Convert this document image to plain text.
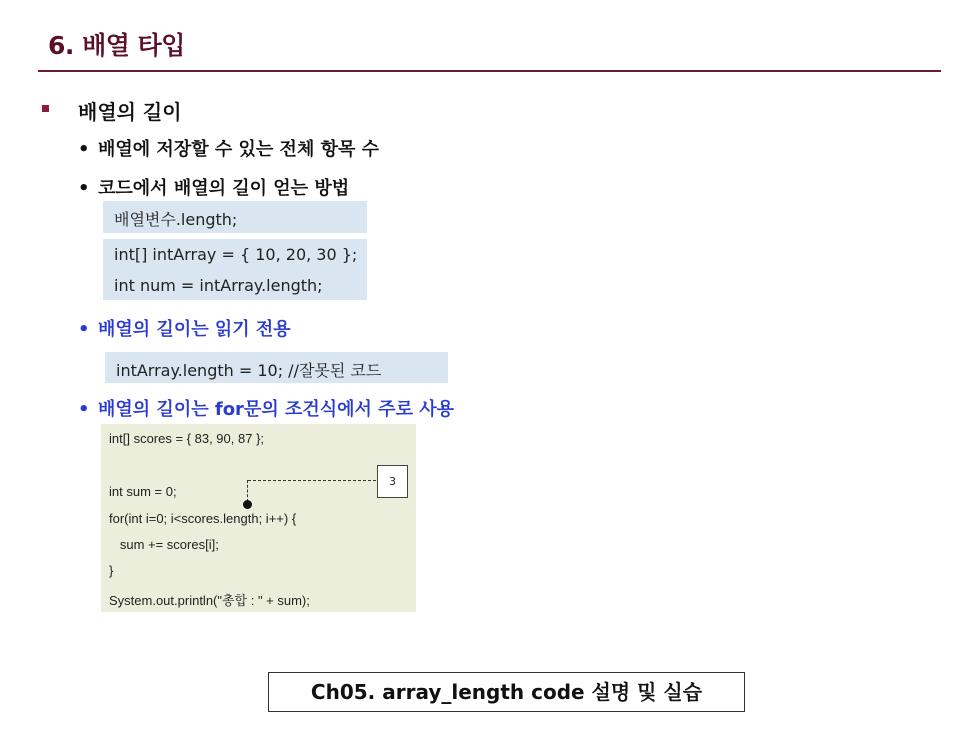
6. 배열 타입
배열의 길이
• 배열에 저장할 수 있는 전체 항목 수
• 코드에서 배열의 길이 얻는 방법
배열변수.length;
int[] intArray = { 10, 20, 30 };
int num = intArray.length;
• 배열의 길이는 읽기 전용
intArray.length = 10; //잘못된 코드
• 배열의 길이는 for문의 조건식에서 주로 사용

int[] scores = { 83, 90, 87 };

int sum = 0;

for(int i=0; i<scores.length; i++) {

sum += scores[i];

}

System.out.println("총합 : " + sum);

3
Ch05. array_length code 설명 및 실습
